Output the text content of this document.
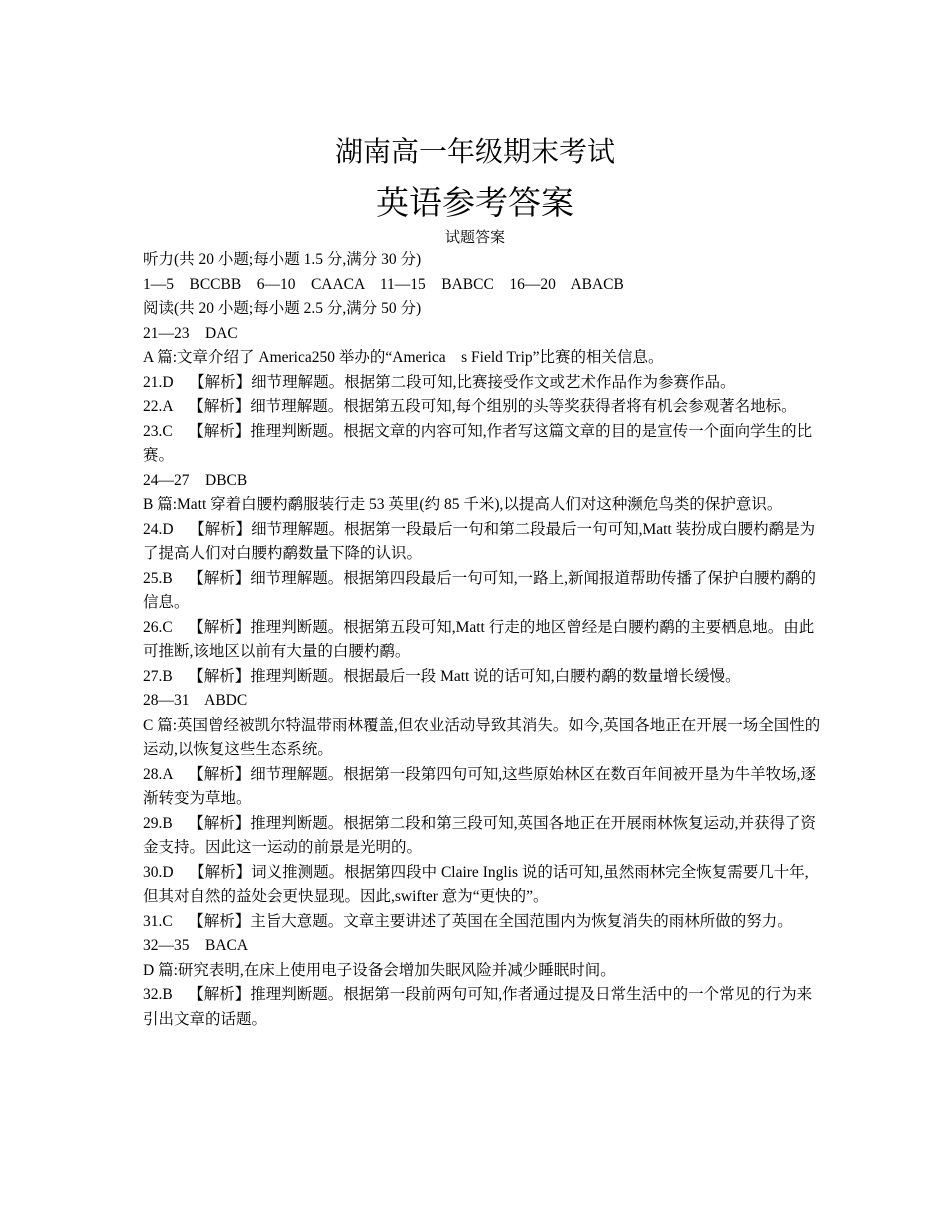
湖南高一年级期末考试
英语参考答案
试题答案

听力(共 20 小题;每小题 1.5 分,满分 30 分)

1—5    BCCBB    6—10    CAACA    11—15    BABCC    16—20    ABACB

阅读(共 20 小题;每小题 2.5 分,满分 50 分)

21—23    DAC

A 篇:文章介绍了 America250 举办的“America    s Field Trip”比赛的相关信息。

21.D    【解析】细节理解题。根据第二段可知,比赛接受作文或艺术作品作为参赛作品。

22.A    【解析】细节理解题。根据第五段可知,每个组别的头等奖获得者将有机会参观著名地标。

23.C    【解析】推理判断题。根据文章的内容可知,作者写这篇文章的目的是宣传一个面向学生的比赛。

24—27    DBCB

B 篇:Matt 穿着白腰杓鹬服装行走 53 英里(约 85 千米),以提高人们对这种濒危鸟类的保护意识。

24.D    【解析】细节理解题。根据第一段最后一句和第二段最后一句可知,Matt 装扮成白腰杓鹬是为了提高人们对白腰杓鹬数量下降的认识。

25.B    【解析】细节理解题。根据第四段最后一句可知,一路上,新闻报道帮助传播了保护白腰杓鹬的信息。

26.C    【解析】推理判断题。根据第五段可知,Matt 行走的地区曾经是白腰杓鹬的主要栖息地。由此可推断,该地区以前有大量的白腰杓鹬。

27.B    【解析】推理判断题。根据最后一段 Matt 说的话可知,白腰杓鹬的数量增长缓慢。

28—31    ABDC

C 篇:英国曾经被凯尔特温带雨林覆盖,但农业活动导致其消失。如今,英国各地正在开展一场全国性的运动,以恢复这些生态系统。

28.A    【解析】细节理解题。根据第一段第四句可知,这些原始林区在数百年间被开垦为牛羊牧场,逐渐转变为草地。

29.B    【解析】推理判断题。根据第二段和第三段可知,英国各地正在开展雨林恢复运动,并获得了资金支持。因此这一运动的前景是光明的。

30.D    【解析】词义推测题。根据第四段中 Claire Inglis 说的话可知,虽然雨林完全恢复需要几十年,但其对自然的益处会更快显现。因此,swifter 意为“更快的”。

31.C    【解析】主旨大意题。文章主要讲述了英国在全国范围内为恢复消失的雨林所做的努力。

32—35    BACA

D 篇:研究表明,在床上使用电子设备会增加失眠风险并减少睡眠时间。

32.B    【解析】推理判断题。根据第一段前两句可知,作者通过提及日常生活中的一个常见的行为来引出文章的话题。
